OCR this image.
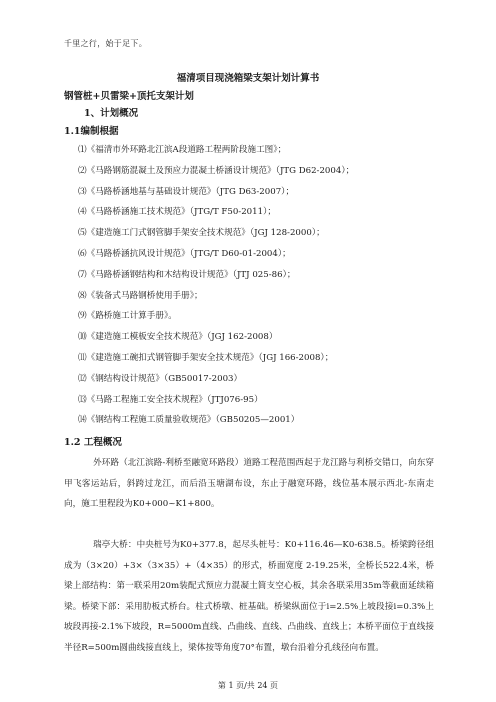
千里之行，始于足下。
福清项目现浇箱梁支架计划计算书
钢管桩+贝雷梁+顶托支架计划
1、计划概况
1.1编制根据
⑴《福清市外环路北江滨A段道路工程两阶段施工图》；
⑵《马路钢筋混凝土及预应力混凝土桥涵设计规范》（JTG D62-2004）；
⑶《马路桥涵地基与基础设计规范》（JTG D63-2007）；
⑷《马路桥涵施工技术规范》（JTG/T F50-2011）；
⑸《建造施工门式钢管脚手架安全技术规范》（JGJ 128-2000）；
⑹《马路桥涵抗风设计规范》（JTG/T D60-01-2004）；
⑺《马路桥涵钢结构和木结构设计规范》（JTJ 025-86）；
⑻《装备式马路钢桥使用手册》；
⑼《路桥施工计算手册》。
⑽《建造施工模板安全技术规范》（JGJ 162-2008）
⑾《建造施工碗扣式钢管脚手架安全技术规范》（JGJ 166-2008）；
⑿《钢结构设计规范》（GB50017-2003）
⒀《马路工程施工安全技术规程》（JTJ076-95）
⒁《钢结构工程施工质量验收规范》（GB50205—2001）
1.2 工程概况
外环路（北江滨路-利桥至融宽环路段）道路工程范围西起于龙江路与利桥交错口，向东穿甲飞客运站后，斜跨过龙江，而后沿玉塘湖布设，东止于融宽环路，线位基本展示西北-东南走向，施工里程段为K0+000~K1+800。
瑞亭大桥：中央桩号为K0+377.8，起尽头桩号：K0+116.46—K0-638.5。桥梁跨径组成为（3×20）+3×（3×35）+（4×35）的形式，桥面宽度 2-19.25米，全桥长522.4米，桥梁上部结构：第一联采用20m装配式预应力混凝土简支空心板，其余各联采用35m等截面延续箱梁。桥梁下部：采用肋板式桥台。柱式桥墩、桩基础。桥梁纵面位于i=2.5%上坡段接i=0.3%上坡段再接-2.1%下坡段，R=5000m直线、凸曲线、直线、凸曲线、直线上；本桥平面位于直线接半径R=500m圆曲线接直线上，梁体按等角度70°布置，墩台沿着分孔线径向布置。
第 1 页/共 24 页
